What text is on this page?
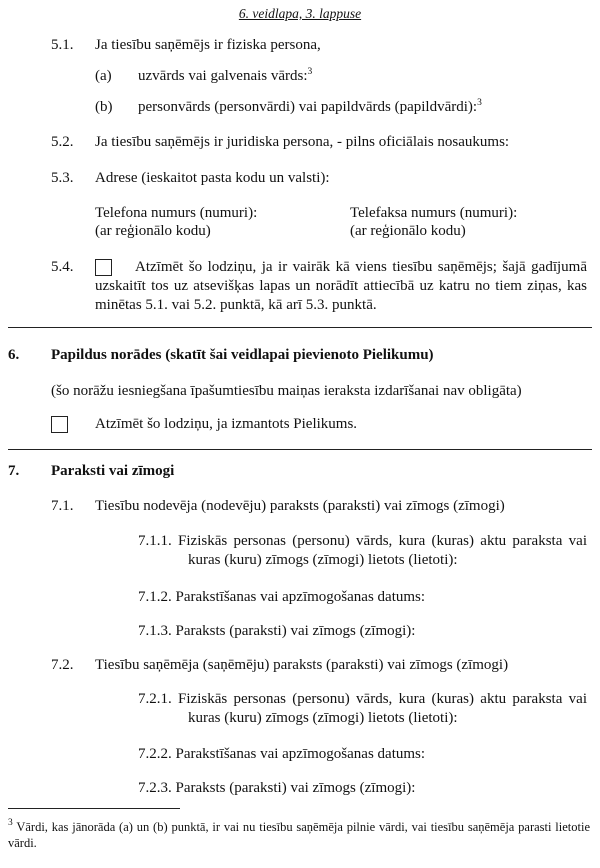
6. veidlapa, 3. lappuse
5.1. Ja tiesību saņēmējs ir fiziska persona,
(a) uzvārds vai galvenais vārds:$^3$
(b) personvārds (personvārdi) vai papildvārds (papildvārdi):$^3$
5.2. Ja tiesību saņēmējs ir juridiska persona, - pilns oficiālais nosaukums:
5.3. Adrese (ieskaitot pasta kodu un valsti):
Telefona numurs (numuri):
(ar reģionālo kodu)
Telefaksa numurs (numuri):
(ar reģionālo kodu)
5.4.	Atzīmēt šo lodziņu, ja ir vairāk kā viens tiesību saņēmējs; šajā gadījumā uzskaitīt tos uz atsevišķas lapas un norādīt attiecībā uz katru no tiem ziņas, kas minētas 5.1. vai 5.2. punktā, kā arī 5.3. punktā.
6. Papildus norādes (skatīt šai veidlapai pievienoto Pielikumu)
(šo norāžu iesniegšana īpašumtiesību maiņas ieraksta izdarīšanai nav obligāta)
Atzīmēt šo lodziņu, ja izmantots Pielikums.
7. Paraksti vai zīmogi
7.1. Tiesību nodevēja (nodevēju) paraksts (paraksti) vai zīmogs (zīmogi)
7.1.1. Fiziskās personas (personu) vārds, kura (kuras) aktu paraksta vai kuras (kuru) zīmogs (zīmogi) lietots (lietoti):
7.1.2. Parakstīšanas vai apzīmogošanas datums:
7.1.3. Paraksts (paraksti) vai zīmogs (zīmogi):
7.2. Tiesību saņēmēja (saņēmēju) paraksts (paraksti) vai zīmogs (zīmogi)
7.2.1. Fiziskās personas (personu) vārds, kura (kuras) aktu paraksta vai kuras (kuru) zīmogs (zīmogi) lietots (lietoti):
7.2.2. Parakstīšanas vai apzīmogošanas datums:
7.2.3. Paraksts (paraksti) vai zīmogs (zīmogi):
$^3$ Vārdi, kas jānorāda (a) un (b) punktā, ir vai nu tiesību saņēmēja pilnie vārdi, vai tiesību saņēmēja parasti lietotie vārdi.
